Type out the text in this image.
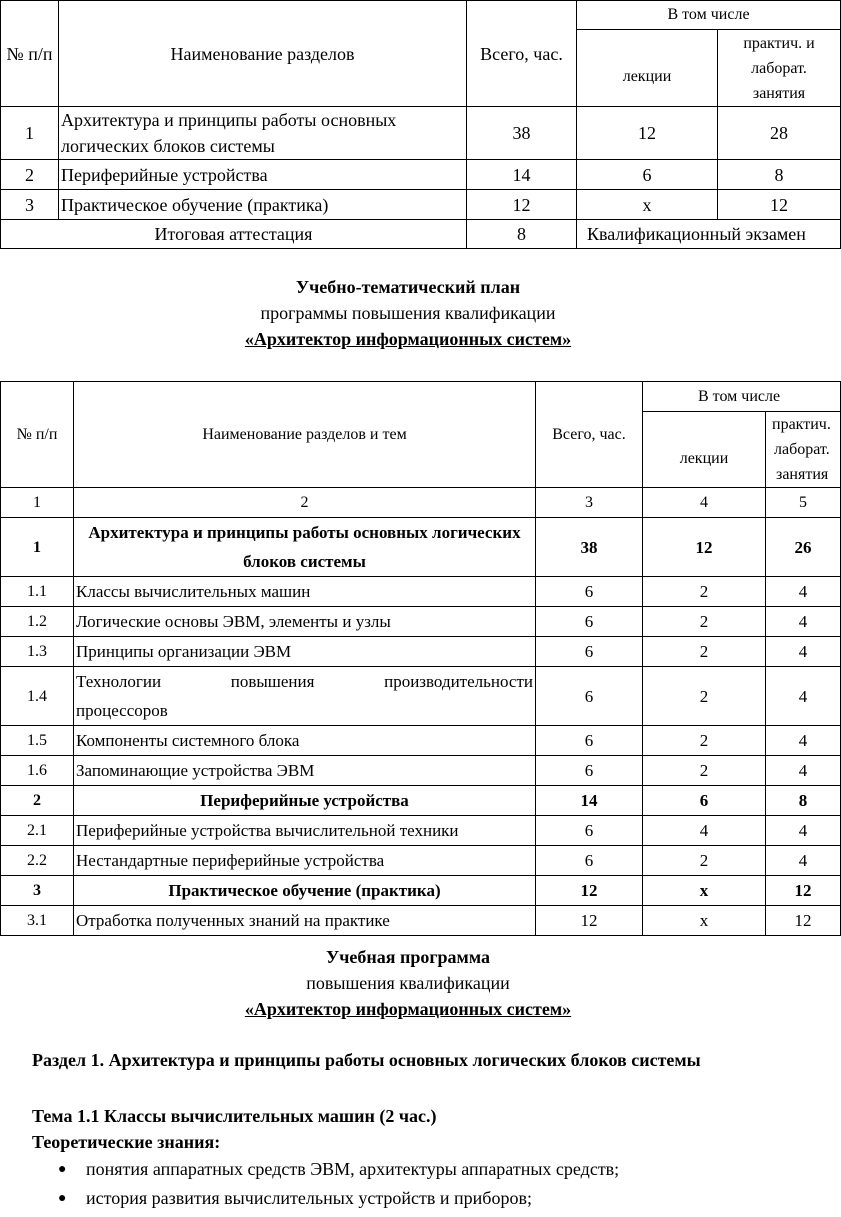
№ п/п	Наименование разделов	Всего, час.	В том числе	
			лекции	практич. и
лаборат.
занятия

1	Архитектура и принципы работы основных логических блоков системы	38	12	28
2	Периферийные устройства	14	6	8
3	Практическое обучение (практика)	12	х	12
Итоговая аттестация		8	Квалификационный экзамен	
Учебно-тематический план
программы повышения квалификации
«Архитектор информационных систем»
№ п/п	Наименование разделов и тем	Всего, час.	В том числе	
			лекции	практич.
лаборат.
занятия

1	2	3	4	5
1	Архитектура и принципы работы основных логических блоков системы	38	12	26
1.1	Классы вычислительных машин	6	2	4
1.2	Логические основы ЭВМ, элементы и узлы	6	2	4
1.3	Принципы организации ЭВМ	6	2	4
1.4	Технологии повышения производительности
процессоров	6	2	4
1.5	Компоненты системного блока	6	2	4
1.6	Запоминающие устройства ЭВМ	6	2	4
2	Периферийные устройства	14	6	8
2.1	Периферийные устройства вычислительной техники	6	4	4
2.2	Нестандартные периферийные устройства	6	2	4
3	Практическое обучение (практика)	12	х	12
3.1	Отработка полученных знаний на практике	12	х	12
Учебная программа
повышения квалификации
«Архитектор информационных систем»
Раздел 1. Архитектура и принципы работы основных логических блоков системы
Тема 1.1 Классы вычислительных машин (2 час.)
Теоретические знания:
● понятия аппаратных средств ЭВМ, архитектуры аппаратных средств;
● история развития вычислительных устройств и приборов;
